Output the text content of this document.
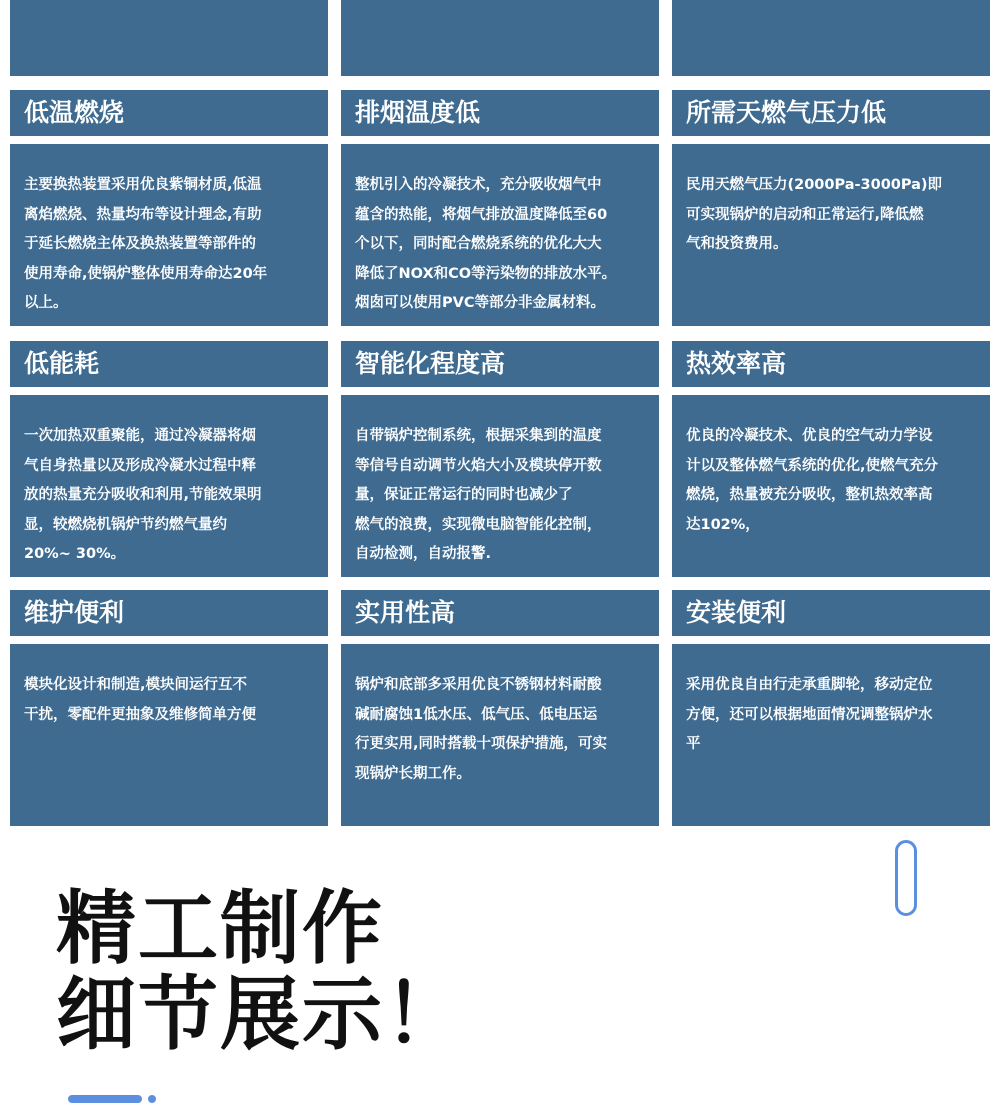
低温燃烧
主要换热装置采用优良紫铜材质,低温
离焰燃烧、热量均布等设计理念,有助
于延长燃烧主体及换热装置等部件的
使用寿命,使锅炉整体使用寿命达20年
以上。
排烟温度低
整机引入的冷凝技术，充分吸收烟气中
蕴含的热能，将烟气排放温度降低至60
个以下，同时配合燃烧系统的优化大大
降低了NOX和CO等污染物的排放水平。
烟囱可以使用PVC等部分非金属材料。
所需天燃气压力低
民用天燃气压力(2000Pa-3000Pa)即
可实现锅炉的启动和正常运行,降低燃
气和投资费用。
低能耗
一次加热双重聚能，通过冷凝器将烟
气自身热量以及形成冷凝水过程中释
放的热量充分吸收和利用,节能效果明
显，较燃烧机锅炉节约燃气量约
20%~ 30%。
智能化程度高
自带锅炉控制系统，根据采集到的温度
等信号自动调节火焰大小及模块停开数
量，保证正常运行的同时也减少了
燃气的浪费，实现微电脑智能化控制，
自动检测，自动报警.
热效率高
优良的冷凝技术、优良的空气动力学设
计以及整体燃气系统的优化,使燃气充分
燃烧，热量被充分吸收，整机热效率高
达102%，
维护便利
模块化设计和制造,模块间运行互不
干扰，零配件更抽象及维修简单方便
实用性高
锅炉和底部多采用优良不锈钢材料耐酸
碱耐腐蚀1低水压、低气压、低电压运
行更实用,同时搭载十项保护措施，可实
现锅炉长期工作。
安装便利
采用优良自由行走承重脚轮，移动定位
方便，还可以根据地面情况调整锅炉水
平
精工制作
细节展示！
